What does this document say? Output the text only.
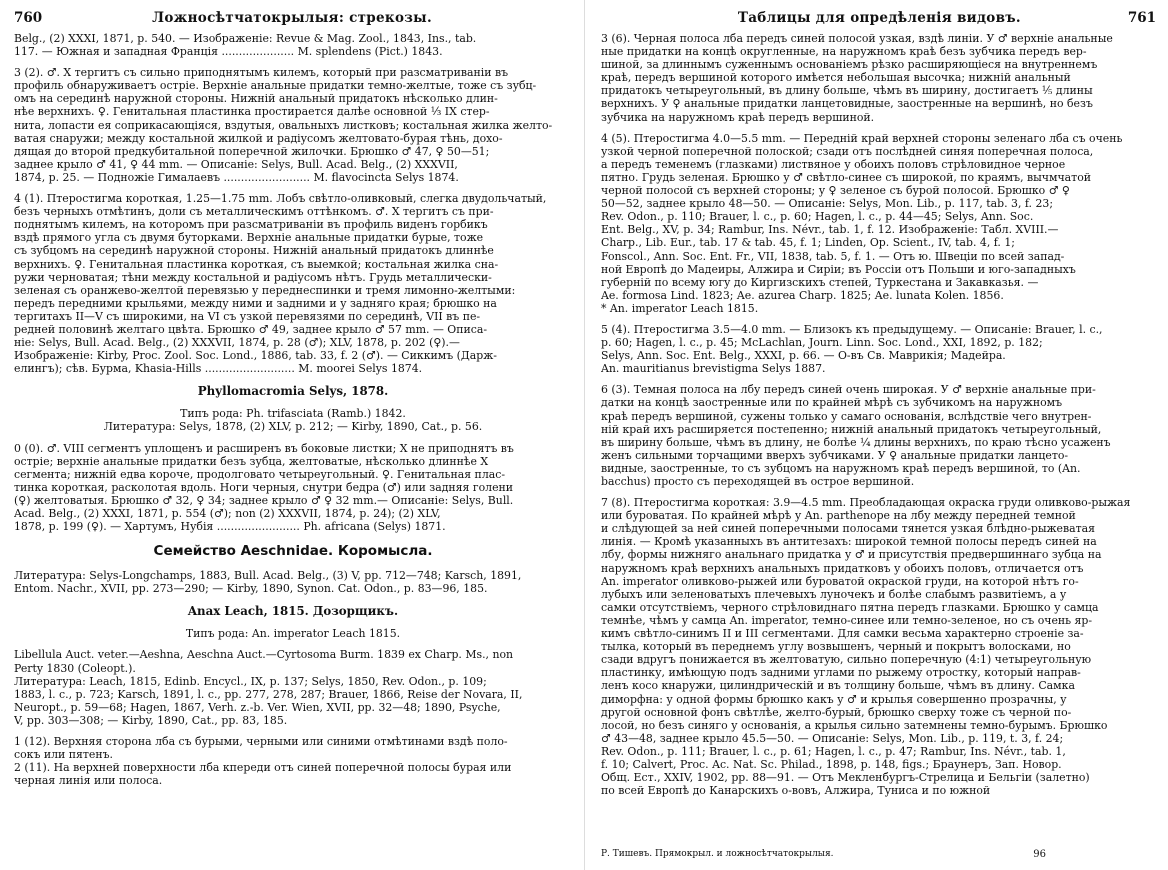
760	Ложносѣтчатокрылыя: стрекозы.
Belg., (2) XXXI, 1871, p. 540. — Изображеніе: Revue & Mag. Zool., 1843, Ins., tab.
117. — Южная и западная Франція ..................... M. splendens (Pict.) 1843.
3 (2). ♂. X тергитъ съ сильно приподнятымъ килемъ, который при разсматриваніи въ
профиль обнаруживаетъ остріе. Верхніе анальные придатки темно-желтые, тоже съ зубц-
омъ на серединѣ наружной стороны. Нижній анальный придатокъ нѣсколько длин-
нѣе верхнихъ. ♀. Генитальная пластинка простирается далѣе основной ⅓ IX стер-
нита, лопасти ея соприкасающіяся, вздутыя, овальныхъ листковъ; костальная жилка желто-
ватая снаружи; между костальной жилкой и радіусомъ желтовато-бурая тѣнь, дохо-
дящая до второй предкубитальной поперечной жилочки. Брюшко ♂ 47, ♀ 50—51;
заднее крыло ♂ 41, ♀ 44 mm. — Описаніе: Selys, Bull. Acad. Belg., (2) XXXVII,
1874, p. 25. — Подножіе Гималаевъ ......................... M. flavocincta Selys 1874.
4 (1). Птеростигма короткая, 1.25—1.75 mm. Лобъ свѣтло-оливковый, слегка двудольчатый,
безъ черныхъ отмѣтинъ, доли съ металлическимъ оттѣнкомъ. ♂. X тергитъ съ при-
поднятымъ килемъ, на которомъ при разсматриваніи въ профиль виденъ горбикъ
вздѣ прямого угла съ двумя буторками. Верхніе анальные придатки бурые, тоже
съ зубцомъ на серединѣ наружной стороны. Нижній анальный придатокъ длиннѣе
верхнихъ. ♀. Генитальная пластинка короткая, съ выемкой; костальная жилка сна-
ружи черноватая; тѣни между костальной и радіусомъ нѣтъ. Грудь металлически-
зеленая съ оранжево-желтой перевязью у переднеспинки и тремя лимонно-желтыми:
передъ передними крыльями, между ними и задними и у задняго края; брюшко на
тергитахъ II—V съ широкими, на VI съ узкой перевязями по серединѣ, VII въ пе-
редней половинѣ желтаго цвѣта. Брюшко ♂ 49, заднее крыло ♂ 57 mm. — Описа-
ніе: Selys, Bull. Acad. Belg., (2) XXXVII, 1874, p. 28 (♂); XLV, 1878, p. 202 (♀).—
Изображеніе: Kirby, Proc. Zool. Soc. Lond., 1886, tab. 33, f. 2 (♂). — Сиккимъ (Дарж-
елингъ); сѣв. Бурма, Khasia-Hills .......................... M. moorei Selys 1874.
Phyllomacromia Selys, 1878.
Типъ рода: Ph. trifasciata (Ramb.) 1842.
Литература: Selys, 1878, (2) XLV, p. 212; — Kirby, 1890, Cat., p. 56.
0 (0). ♂. VIII сегментъ уплощенъ и расширенъ въ боковые листки; X не приподнятъ въ
остріе; верхніе анальные придатки безъ зубца, желтоватые, нѣсколько длиннѣе X
сегмента; нижній едва короче, продолговато четыреугольный. ♀. Генитальная плас-
тинка короткая, расколотая вдоль. Ноги черныя, снутри бедра (♂) или задняя голени
(♀) желтоватыя. Брюшко ♂ 32, ♀ 34; заднее крыло ♂ ♀ 32 mm.— Описаніе: Selys, Bull.
Acad. Belg., (2) XXXI, 1871, p. 554 (♂); non (2) XXXVII, 1874, p. 24); (2) XLV,
1878, p. 199 (♀). — Хартумъ, Нубія ........................ Ph. africana (Selys) 1871.
Семейство Aeschnidae. Коромысла.
Литература: Selys-Longchamps, 1883, Bull. Acad. Belg., (3) V, pp. 712—748; Karsch, 1891,
Entom. Nachr., XVII, pp. 273—290; — Kirby, 1890, Synon. Cat. Odon., p. 83—96, 185.
Anax Leach, 1815. Дозорщикъ.
Типъ рода: An. imperator Leach 1815.
Libellula Auct. veter.—Aeshna, Aeschna Auct.—Cyrtosoma Burm. 1839 ex Charp. Ms., non
Perty 1830 (Coleopt.).
Литература: Leach, 1815, Edinb. Encycl., IX, p. 137; Selys, 1850, Rev. Odon., p. 109;
1883, l. c., p. 723; Karsch, 1891, l. c., pp. 277, 278, 287; Brauer, 1866, Reise der Novara, II,
Neuropt., p. 59—68; Hagen, 1867, Verh. z.-b. Ver. Wien, XVII, pp. 32—48; 1890, Psyche,
V, pp. 303—308; — Kirby, 1890, Cat., pp. 83, 185.
1 (12). Верхняя сторона лба съ бурыми, черными или синими отмѣтинами вздѣ поло-
сокъ или пятенъ.
2 (11). На верхней поверхности лба кпереди отъ синей поперечной полосы бурая или
черная линія или полоса.
Таблицы для опредѣленія видовъ.	761
3 (6). Черная полоса лба передъ синей полосой узкая, вздѣ линіи. У ♂ верхніе анальные
ные придатки на концѣ округленные, на наружномъ краѣ безъ зубчика передъ вер-
шиной, за длиннымъ суженнымъ основаніемъ рѣзко расширяющіеся на внутреннемъ
краѣ, передъ вершиной которого имѣется небольшая высочка; нижній анальный
придатокъ четыреугольный, въ длину больше, чѣмъ въ ширину, достигаетъ ⅕ длины
верхнихъ. У ♀ анальные придатки ланцетовидные, заостренные на вершинѣ, но безъ
зубчика на наружномъ краѣ передъ вершиной.
4 (5). Птеростигма 4.0—5.5 mm. — Передній край верхней стороны зеленаго лба съ очень
узкой черной поперечной полоской; сзади отъ послѣдней синяя поперечная полоса,
а передъ теменемъ (глазками) листвяное у обоихъ половъ стрѣловидное черное
пятно. Грудь зеленая. Брюшко у ♂ свѣтло-синее съ широкой, по краямъ, вычмчатой
черной полосой съ верхней стороны; у ♀ зеленое съ бурой полосой. Брюшко ♂ ♀
50—52, заднее крыло 48—50. — Описаніе: Selys, Mon. Lib., p. 117, tab. 3, f. 23;
Rev. Odon., p. 110; Brauer, l. c., p. 60; Hagen, l. c., p. 44—45; Selys, Ann. Soc.
Ent. Belg., XV, p. 34; Rambur, Ins. Névr., tab. 1, f. 12. Изображеніе: Табл. XVIII.—
Charp., Lib. Eur., tab. 17 & tab. 45, f. 1; Linden, Op. Scient., IV, tab. 4, f. 1;
Fonscol., Ann. Soc. Ent. Fr., VII, 1838, tab. 5, f. 1. — Отъ ю. Швеціи по всей запад-
ной Европѣ до Мадеиры, Алжира и Сиріи; въ Россіи отъ Польши и юго-западныхъ
губерній по всему югу до Киргизскихъ степей, Туркестана и Закавказья. —
Ae. formosa Lind. 1823; Ae. azurea Charp. 1825; Ae. lunata Kolen. 1856.
* An. imperator Leach 1815.
5 (4). Птеростигма 3.5—4.0 mm. — Близокъ къ предыдущему. — Описаніе: Brauer, l. c.,
p. 60; Hagen, l. c., p. 45; McLachlan, Journ. Linn. Soc. Lond., XXI, 1892, p. 182;
Selys, Ann. Soc. Ent. Belg., XXXI, p. 66. — О-въ Св. Маврикія; Мадейра.
An. mauritianus brevistigma Selys 1887.
6 (3). Темная полоса на лбу передъ синей очень широкая. У ♂ верхніе анальные при-
датки на концѣ заостренные или по крайней мѣрѣ съ зубчикомъ на наружномъ
краѣ передъ вершиной, сужены только у самаго основанія, вслѣдствіе чего внутрен-
ній край ихъ расширяется постепенно; нижній анальный придатокъ четыреугольный,
въ ширину больше, чѣмъ въ длину, не болѣе ¼ длины верхнихъ, по краю тѣсно усаженъ
женъ сильными торчащими вверхъ зубчиками. У ♀ анальные придатки ланцето-
видные, заостренные, то съ зубцомъ на наружномъ краѣ передъ вершиной, то (An.
bacchus) просто съ переходящей въ острое вершиной.
7 (8). Птеростигма короткая: 3.9—4.5 mm. Преобладающая окраска груди оливково-рыжая
или буроватая. По крайней мѣрѣ у An. parthenope на лбу между передней темной
и слѣдующей за ней синей поперечными полосами тянется узкая блѣдно-рыжеватая
линія. — Кромѣ указанныхъ въ антитезахъ: широкой темной полосы передъ синей на
лбу, формы нижняго анальнаго придатка у ♂ и присутствія предвершиннаго зубца на
наружномъ краѣ верхнихъ анальныхъ придатковъ у обоихъ половъ, отличается отъ
An. imperator оливково-рыжей или буроватой окраской груди, на которой нѣтъ го-
лубыхъ или зеленоватыхъ плечевыхъ луночекъ и болѣе слабымъ развитіемъ, а у
самки отсутствіемъ, черного стрѣловиднаго пятна передъ глазками. Брюшко у самца
темнѣе, чѣмъ у самца An. imperator, темно-синее или темно-зеленое, но съ очень яр-
кимъ свѣтло-синимъ II и III сегментами. Для самки весьма характерно строеніе за-
тылка, который въ переднемъ углу возвышенъ, черный и покрытъ волосками, но
сзади вдругъ понижается въ желтоватую, сильно поперечную (4:1) четыреугольную
пластинку, имѣющую подъ задними углами по рыжему отростку, который направ-
ленъ косо кнаружи, цилиндрическій и въ толщину больше, чѣмъ въ длину. Самка
диморфна: у одной формы брюшко какъ у ♂ и крылья совершенно прозрачны, у
другой основной фонъ свѣтлѣе, желто-бурый, брюшко сверху тоже съ черной по-
лосой, но безъ синяго у основанія, а крылья сильно затемнены темно-бурымъ. Брюшко
♂ 43—48, заднее крыло 45.5—50. — Описаніе: Selys, Mon. Lib., p. 119, t. 3, f. 24;
Rev. Odon., p. 111; Brauer, l. c., p. 61; Hagen, l. c., p. 47; Rambur, Ins. Névr., tab. 1,
f. 10; Calvert, Proc. Ac. Nat. Sc. Philad., 1898, p. 148, figs.; Браунеръ, Зап. Новор.
Общ. Ест., XXIV, 1902, pp. 88—91. — Отъ Мекленбургъ-Стрелица и Бельгіи (залетно)
по всей Европѣ до Канарскихъ о-вовъ, Алжира, Туниса и по южной
Р. Тишевъ. Прямокрыл. и ложносѣтчатокрылыя.	96
